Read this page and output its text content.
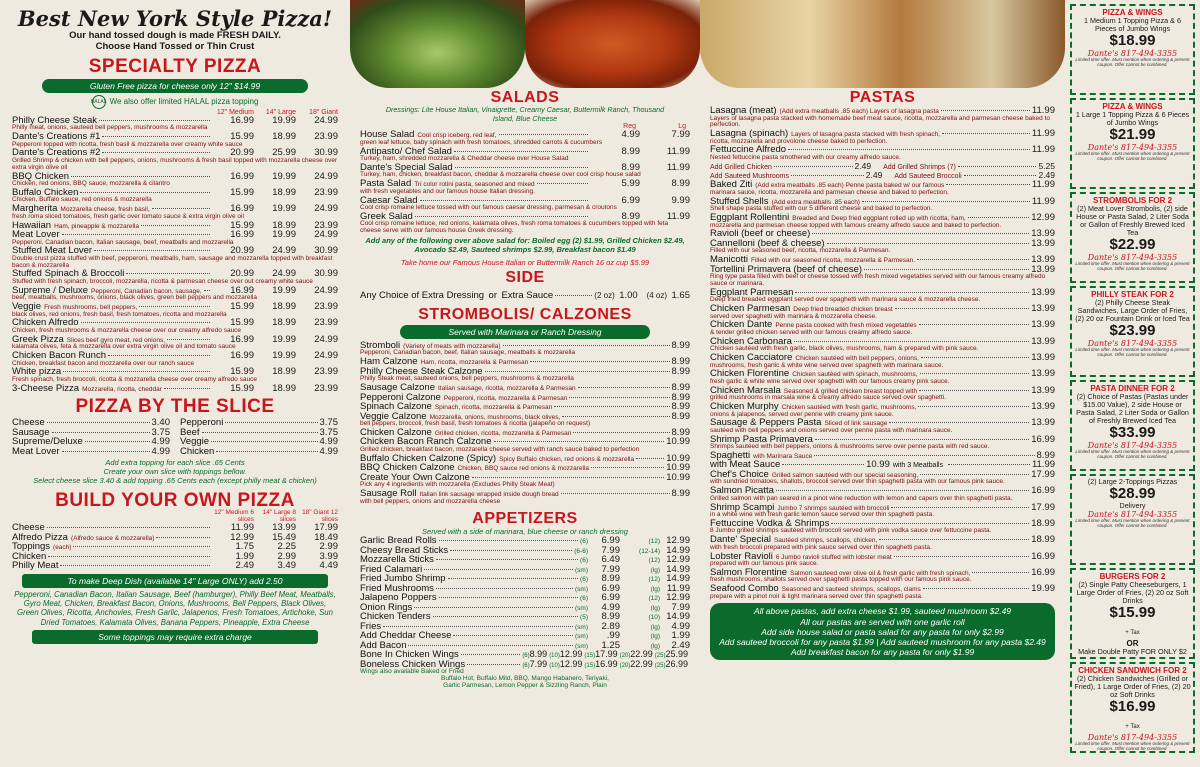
Best New York Style Pizza!
Our hand tossed dough is made FRESH DAILY.
Choose Hand Tossed or Thin Crust
SPECIALTY PIZZA
Gluten Free pizza for cheese only 12" $14.99
HALAL We also offer limited HALAL pizza topping
12" Medium	14" Large	18" Giant
Philly Cheese Steak	16.99	19.99	24.99
Philly meat, onions, sauteed bell peppers, mushrooms & mozzarella
Dante's Creations #1	15.99	18.99	23.99
Pepperoni topped with ricotta, fresh basil & mozzarella over creamy white sauce
Dante's Creations #2	20.99	25.99	30.99
Grilled Shrimp & chicken with bell peppers, onions, mushrooms & fresh basil topped with mozzarella cheese over extra virgin olive oil
BBQ Chicken	16.99	19.99	24.99
Chicken, red onions, BBQ sauce, mozzarella & cilantro
Buffalo Chicken	15.99	18.99	23.99
Chicken, Buffalo sauce, red onions & mozzarella
Margherita Mozzarella cheese, fresh basil,	16.99	19.99	24.99
fresh roma sliced tomatoes, fresh garlic over tomato sauce & extra virgin olive oil
Hawaiian Ham, pineapple & mozzarella	15.99	18.99	23.99
Meat Lover	16.99	19.99	24.99
Pepperoni, Canadian bacon, Italian sausage, beef, meatballs and mozzarella
Stuffed Meat Lover	20.99	24.99	30.99
Double crust pizza stuffed with beef, pepperoni, meatballs, ham, sausage and mozzarella topped with breakfast bacon & mozzarella
Stuffed Spinach & Broccoli	20.99	24.99	30.99
Stuffed with fresh spinach, broccoli, mozzarella, ricotta & parmesan cheese over out creamy white sauce
Supreme / Deluxe Pepperoni, Canadian bacon, sausage,	16.99	19.99	24.99
beef, meatballs, mushrooms, onions, black olives, green bell peppers and mozzarella
Veggie Fresh mushrooms, bell peppers,	15.99	18.99	23.99
black olives, red onions, fresh basil, fresh tomatoes, ricotta and mozzarella
Chicken Alfredo	15.99	18.99	23.99
Chicken, fresh mushrooms & mozzarella cheese over our creamy alfredo sauce
Greek Pizza Slices beef gyro meat, red onions,	16.99	19.99	24.99
kalamata olives, feta & mozzarella over extra virgin olive oil and tomato sauce
Chicken Bacon Runch	16.99	19.99	24.99
Chicken, breakfast bacon and mozzarella over our ranch sauce
White pizza	15.99	18.99	23.99
Fresh spinach, fresh broccoli, ricotta & mozzarella cheese over creamy alfredo sauce
3-Cheese Pizza Mozzarella, ricotta, cheddar	15.99	18.99	23.99
PIZZA BY THE SLICE
Cheese	3.40
Sausage	3.75
Supreme/Deluxe	4.99
Meat Lover	4.99
Pepperoni	3.75
Beef	3.75
Veggie	4.99
Chicken	4.99
Add extra topping for each slice .65 Cents
Create your own slice with toppings bellow.
Select cheese slice 3.40 & add topping .65 Cents each (except philly meat & chicken)
BUILD YOUR OWN PIZZA
12" Medium 6 slices
14" Large 8 slices
18" Giant 12 slices
Cheese	11.99	13.99	17.99
Alfredo Pizza (Alfredo sauce & mozzarella)	12.99	15.49	18.49
Toppings (each)	1.75	2.25	2.99
Chicken	1.99	2.99	3.99
Philly Meat	2.49	3.49	4.49
To make Deep Dish (available 14" Large ONLY) add 2.50
Pepperoni, Canadian Bacon, Italian Sausage, Beef (hamburger), Philly Beef Meat, Meatballs, Gyro Meat, Chicken, Breakfast Bacon, Onions, Mushrooms, Bell Peppers, Black Olives, Green Olives, Ricotta, Anchovies, Fresh Garlic, Jalapenos, Fresh Tomatoes, Artichoke, Sun Dried Tomatoes, Kalamata Olives, Banana Peppers, Pineapple, Extra Cheese
Some toppings may require extra charge
SALADS
Dressings: Lite House Italian, Vinaigrette, Creamy Caesar, Buttermilk Ranch, Thousand Island, Blue Cheese
Reg	Lg
House Salad Cool crisp iceberg, red leaf,	4.99	7.99
green leaf lettuce, baby spinach with fresh tomatoes, shredded carrots & cucumbers
Antipasto/ Chef Salad	8.99	11.99
Turkey, ham, shredded mozzarella & Cheddar cheese over House Salad
Dante's Special Salad	8.99	11.99
Turkey, ham, chicken, breakfast bacon, cheddar & mozzarella cheese over cool crisp house salad
Pasta Salad Tri color rotini pasta, seasoned and mixed	5.99	8.99
with fresh vegetables and our famous house Italian dressing.
Caesar Salad	6.99	9.99
Cool crisp romaine lettuce tossed with our famous caesar dressing, parmesan & croutons
Greek Salad	8.99	11.99
Cool crisp romaine lettuce, red onions, kalamata olives, fresh roma tomatoes & cucumbers topped with feta cheese serve with our famous house Greek dressing.
Add any of the following over above salad for: Boiled egg (2) $1.99, Grilled Chicken $2.49,
Avocado $2.49, Sauteed shrimps $2.99, Breakfast bacon $1.49
Take home our Famous House Italian or Buttermilk Ranch 16 oz cup $5.99
SIDE
Any Choice of Extra Dressing
or
Extra Sauce	(2 oz)
1.00
(4 oz)
1.65
STROMBOLIS/ CALZONES
Served with Marinara or Ranch Dressing
Stromboli (Variety of meats with mozzarella)	8.99
Pepperoni, Canadian bacon, beef, Italian sausage, meatballs & mozzarella
Ham Calzone Ham, ricotta, mozzarella & Parmesan	8.99
Philly Cheese Steak Calzone	8.99
Philly Steak meat, sauteed onions, bell peppers, mushrooms & mozzarella
Sausage Calzone Italian sausage, ricotta, mozzarella & Parmesan	8.99
Pepperoni Calzone Pepperoni, ricotta, mozzarella & Parmesan	8.99
Spinach Calzone Spinach, ricotta, mozzarella & Parmesan	8.99
Veggie Calzone Mozzarella, onions, mushrooms, black olives,	8.99
bell peppers, broccoli, fresh basil, fresh tomatoes & ricotta (jalapeño on request)
Chicken Calzone Grilled chicken, ricotta, mozzarella & Parmesan	8.99
Chicken Bacon Ranch Calzone	10.99
Grilled chicken, breakfast bacon, mozzarella cheese served with ranch sauce baked to perfection
Buffalo Chicken Calzone (Spicy) Spicy Buffalo chicken, red onions & mozzarella	10.99
BBQ Chicken Calzone Chicken, BBQ sauce red onions & mozzarella	10.99
Create Your Own Calzone	10.99
Pick any 4 ingredients with mozzarella (Excludes Philly Steak Meat)
Sausage Roll Italian link sausage wrapped inside dough bread	8.99
with bell peppers, onions and mozzarella cheese
APPETIZERS
Served with a side of marinara, blue cheese or ranch dressing
Garlic Bread Rolls	(6)	6.99	(12) 12.99
Cheesy Bread Sticks	(6-6)	7.99	(12-14) 14.99
Mozzarella Sticks	(6)	6.49	(12) 12.99
Fried Calamari	(sm)	7.99	(lg) 14.99
Fried Jumbo Shrimp	(6)	8.99	(12) 14.99
Fried Mushrooms	(sm)	6.99	(lg) 11.99
Jalapeno Poppers	(6)	6.99	(12) 12.99
Onion Rings	(sm)	4.99	(lg)	7.99
Chicken Tenders	(5)	8.99	(10) 14.99
Fries	(sm)	2.89	(lg)	4.99
Add Cheddar Cheese	(sm)	.99	(lg)	1.99
Add Bacon	(sm)	1.25	(lg)	2.49
Bone In Chicken Wings	(6) 8.99 (10) 12.99 (15) 17.99 (20) 22.99 (25) 25.99
Boneless Chicken Wings	(6) 7.99 (10) 12.99 (15) 16.99 (20) 22.99 (25) 26.99
Wings also available Baked or Fried
Buffalo Hot, Buffalo Mild, BBQ, Mango Habanero, Teriyaki,
Garlic Parmesan, Lemon Pepper & Sizzling Ranch, Plain
PASTAS
Lasagna (meat) (Add extra meatballs .85 each) Layers of lasagna pasta	11.99
Layers of lasagna pasta stacked with homemade beef meat sauce, ricotta, mozzarella and parmesan cheese baked to perfection.
Lasagna (spinach) Layers of lasagna pasta stacked with fresh spinach,	11.99
ricotta, mozzarella and provolone cheese baked to perfection.
Fettuccine Alfredo	11.99
Nested fettuccine pasta smothered with our creamy alfredo sauce.
Add Grilled Chicken	2.49 Add Grilled Shrimps (7)	5.25
Add Sauteed Mushrooms	2.49 Add Sauteed Broccoli	2.49
Baked Ziti (Add extra meatballs .85 each) Penne pasta baked w/ our famous	11.99
marinara sauce, ricotta, mozzarella and parmesan cheese and baked to perfection.
Stuffed Shells (Add extra meatballs .85 each)	11.99
Shell shape pasta stuffed with our 5 different cheese and baked to perfection.
Eggplant Rollentini Breaded and Deep fried eggplant rolled up with ricotta, ham,	12.99
mozzarella and parmesan cheese topped with famous creamy alfredo sauce and baked to perfection.
Ravioli (beef or cheese)	13.99
Cannelloni (beef & cheese)	13.99
Filled with our seasoned beef, ricotta, mozzarella & Parmesan.
Manicotti Filled with our seasoned ricotta, mozzarella & Parmesan.	13.99
Tortellini Primavera (beef of cheese)	13.99
Ring type pasta filled with beef or cheese tossed with fresh mixed vegetables served with our famous creamy alfredo sauce or marinara.
Eggplant Parmesan	13.99
Deep fried breaded eggplant served over spaghetti with marinara sauce & mozzarella cheese.
Chicken Parmesan Deep fried breaded chicken breast	13.99
served over spaghetti with marinara & mozzarella cheese.
Chicken Dante Penne pasta cooked with fresh mixed vegetables	13.99
& tender grilled chicken served with our famous creamy alfredo sauce.
Chicken Carbonara	13.99
Chicken sautéed with fresh garlic, black olives, mushrooms, ham & prepared with pink sauce.
Chicken Cacciatore Chicken sautéed with bell peppers, onions,	13.99
mushrooms, fresh garlic & white wine served over spaghetti with marinara sauce.
Chicken Florentine Chicken sautéed with spinach, mushrooms,	13.99
fresh garlic & white wine served over spaghetti with our famous creamy pink sauce.
Chicken Marsala Seasoned & grilled chicken breast topped with	13.99
grilled mushrooms in marsala wine & creamy alfredo sauce served over spaghetti.
Chicken Murphy Chicken sautéed with fresh garlic, mushrooms,	13.99
onions & jalapenos, served over penne with creamy pink sauce.
Sausage & Peppers Pasta Sliced of link sausage	13.99
sautéed with bell peppers and onions served over penne pasta with marinara sauce.
Shrimp Pasta Primavera	16.99
Shrimps sautéed with bell peppers, onions & mushrooms serve over penne pasta with red sauce.
Spaghetti with Marinara Sauce	8.99
with Meat Sauce	10.99 with 3 Meatballs	11.99
Chef's Choice Grilled salmon sautéed with our special seasoning,	17.99
with sundried tomatoes, shallots, broccoli served over thin spaghetti pasta with our famous pink sauce.
Salmon Picatta	16.99
Grilled salmon with pan seared in a pinot wine reduction with lemon and capers over thin spaghetti pasta.
Shrimp Scampi Jumbo 7 shrimps sautéed with broccoli	17.99
in a white wine with fresh garlic lemon sauce served over thin spaghetti pasta.
Fettuccine Vodka & Shrimps	18.99
8 Jumbo grilled shrimps sautéed with broccoli served with pink vodka sauce over fettuccine pasta.
Dante' Special Sautéed shrimps, scallops, chicken,	18.99
with fresh broccoli prepared with pink sauce served over thin spaghetti pasta.
Lobster Ravioli 6 Jumbo ravioli stuffed with lobster meat	16.99
prepared with our famous pink sauce.
Salmon Florentine Salmon sauteed over olive oil & fresh garlic with fresh spinach,	16.99
fresh mushrooms, shallots served over spaghetti pasta topped with our famous pink sauce.
Seafood Combo Seasoned and sauteed shrimps, scallops, clams	19.99
prepare with a pinot noir & light marinara served over thin spaghetti pasta.
All above pastas, add extra cheese $1.99, sauteed mushroom $2.49
All our pastas are served with one garlic roll
Add side house salad or pasta salad for any pasta for only $2.99
Add sauteed broccoli for any pasta $1.99 | Add sauteed mushroom for any pasta $2.49
Add breakfast bacon for any pasta for only $1.99
PIZZA & WINGS
1 Medium 1 Topping Pizza & 6 Pieces of Jumbo Wings
$18.99
Dante's 817-494-3355
Limited time offer. Must mention when ordering & present coupon. Offer cannot be combined.
PIZZA & WINGS
1 Large 1 Topping Pizza & 6 Pieces of Jumbo Wings
$21.99
Dante's 817-494-3355
Limited time offer. Must mention when ordering & present coupon. Offer cannot be combined.
STROMBOLIS FOR 2
(2) Meat Lover Strombolis, (2) side House or Pasta Salad, 2 Liter Soda or Gallon of Freshly Brewed Iced Tea
$22.99
Dante's 817-494-3355
Limited time offer. Must mention when ordering & present coupon. Offer cannot be combined.
PHILLY STEAK FOR 2
(2) Philly Cheese Steak Sandwiches, Large Order of Fries, (2) 20 oz Fountain Drink or Iced Tea
$23.99
Dante's 817-494-3355
Limited time offer. Must mention when ordering & present coupon. Offer cannot be combined.
PASTA DINNER FOR 2
(2) Choice of Pastas (Pastas under $15.00 Value), 2 side House or Pasta Salad, 2 Liter Soda or Gallon of Freshly Brewed Iced Tea
$33.99
Dante's 817-494-3355
Limited time offer. Must mention when ordering & present coupon. Offer cannot be combined.
(2) Large 2-Toppings Pizzas
$28.99
Delivery
Dante's 817-494-3355
Limited time offer. Must mention when ordering & present coupon. Offer cannot be combined.
BURGERS FOR 2
(2) Single Patty Cheeseburgers, 1 Large Order of Fries, (2) 20 oz Soft Drinks
$15.99
+ Tax
OR
Make Double Patty FOR ONLY $2
CHICKEN SANDWICH FOR 2
(2) Chicken Sandwiches (Grilled or Fried), 1 Large Order of Fries, (2) 20 oz Soft Drinks
$16.99
+ Tax
Dante's 817-494-3355
Limited time offer. Must mention when ordering & present coupon. Offer cannot be combined.
